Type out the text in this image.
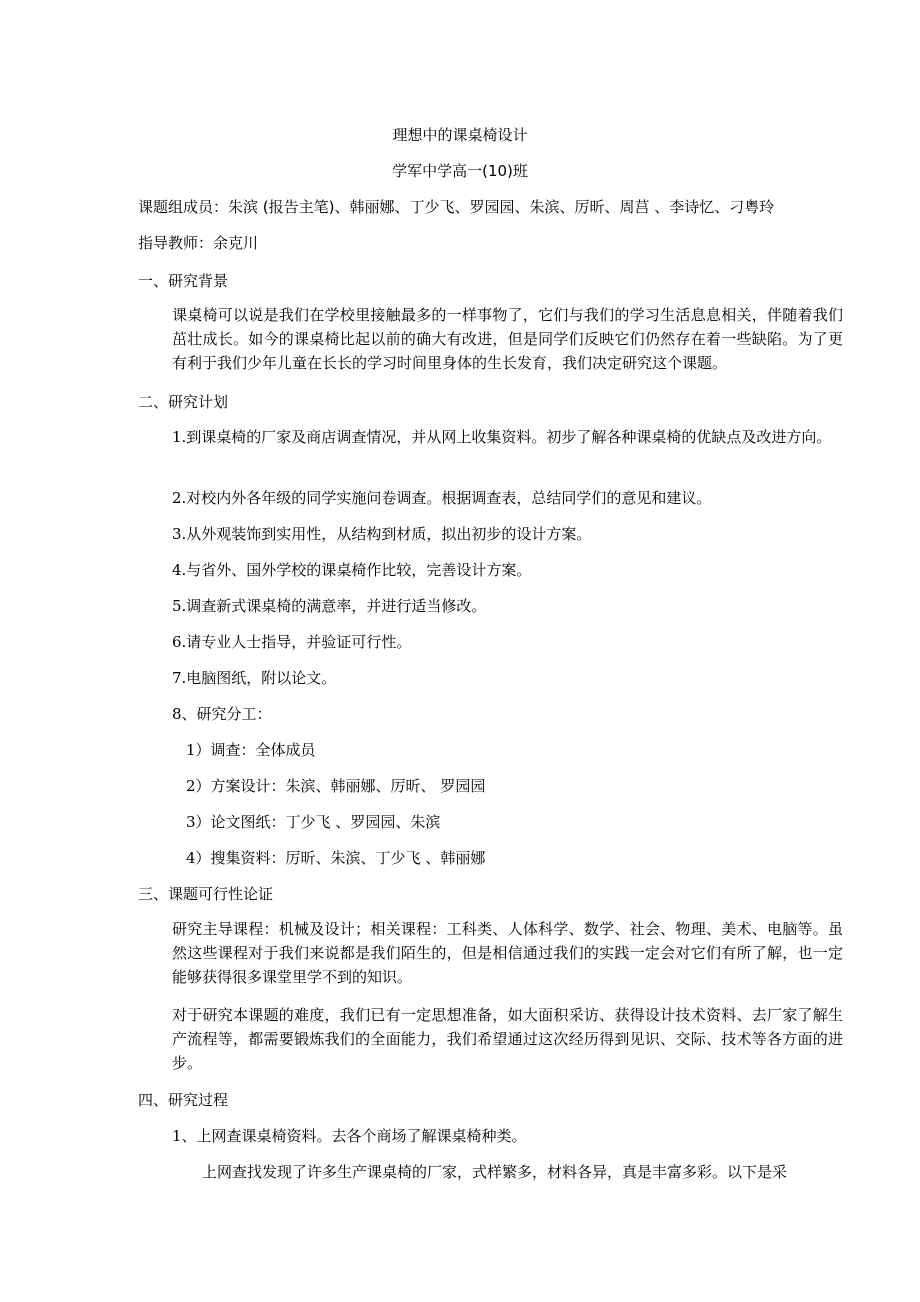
理想中的课桌椅设计
学军中学高一(10)班
课题组成员：朱滨 (报告主笔)、韩丽娜、丁少飞、罗园园、朱滨、厉昕、周莒 、李诗忆、刁粤玲
指导教师：余克川
一、研究背景
课桌椅可以说是我们在学校里接触最多的一样事物了，它们与我们的学习生活息息相关，伴随着我们茁壮成长。如今的课桌椅比起以前的确大有改进，但是同学们反映它们仍然存在着一些缺陷。为了更有利于我们少年儿童在长长的学习时间里身体的生长发育，我们决定研究这个课题。
二、研究计划
1.到课桌椅的厂家及商店调查情况，并从网上收集资料。初步了解各种课桌椅的优缺点及改进方向。
2.对校内外各年级的同学实施问卷调查。根据调查表，总结同学们的意见和建议。
3.从外观装饰到实用性，从结构到材质，拟出初步的设计方案。
4.与省外、国外学校的课桌椅作比较，完善设计方案。
5.调查新式课桌椅的满意率，并进行适当修改。
6.请专业人士指导，并验证可行性。
7.电脑图纸，附以论文。
8、研究分工：
1）调查：全体成员
2）方案设计：朱滨、韩丽娜、厉昕、 罗园园
3）论文图纸：丁少飞 、罗园园、朱滨
4）搜集资料：厉昕、朱滨、丁少飞 、韩丽娜
三、课题可行性论证
研究主导课程：机械及设计；相关课程：工科类、人体科学、数学、社会、物理、美术、电脑等。虽然这些课程对于我们来说都是我们陌生的，但是相信通过我们的实践一定会对它们有所了解，也一定能够获得很多课堂里学不到的知识。
对于研究本课题的难度，我们已有一定思想准备，如大面积采访、获得设计技术资料、去厂家了解生产流程等，都需要锻炼我们的全面能力，我们希望通过这次经历得到见识、交际、技术等各方面的进步。
四、研究过程
1、上网查课桌椅资料。去各个商场了解课桌椅种类。
上网查找发现了许多生产课桌椅的厂家，式样繁多，材料各异，真是丰富多彩。以下是采
